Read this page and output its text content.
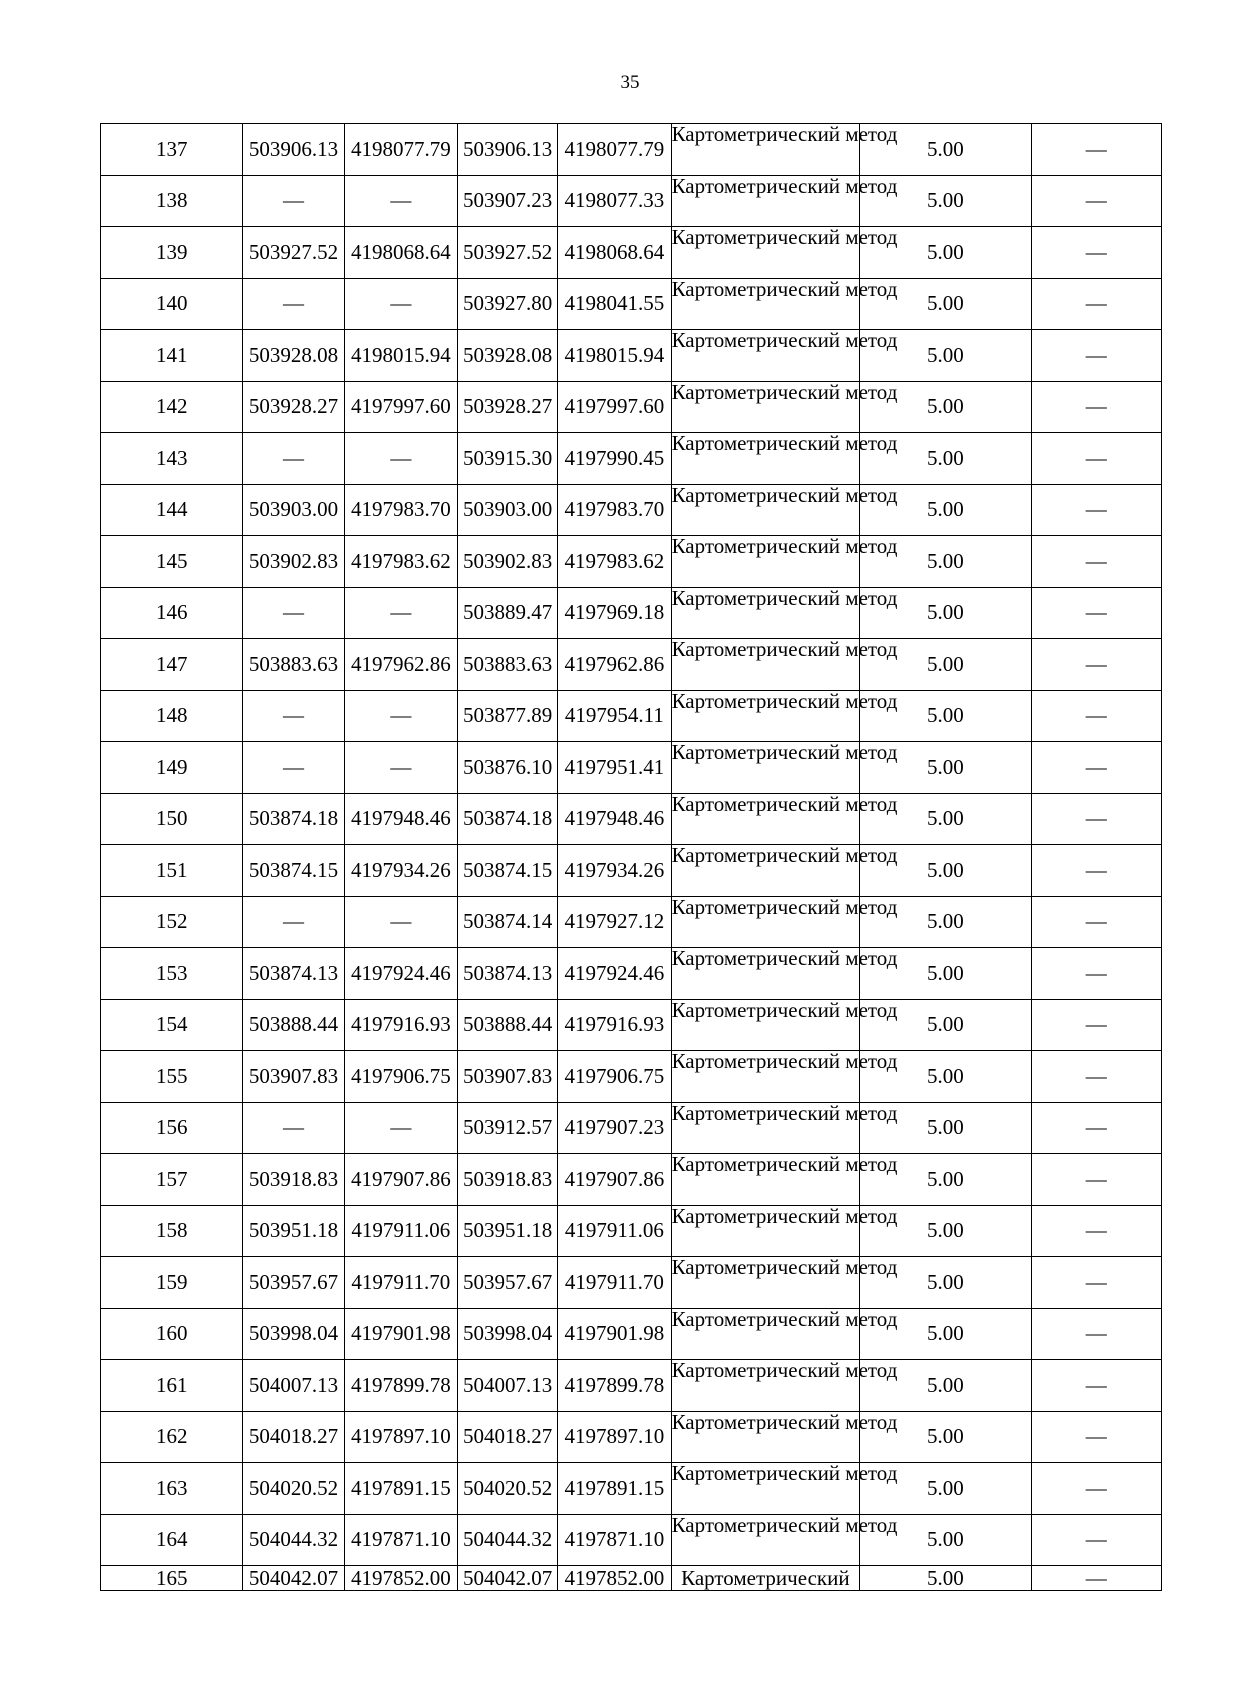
35
137	503906.13	4198077.79	503906.13	4198077.79	Картометрический метод	5.00	—
138	—	—	503907.23	4198077.33	Картометрический метод	5.00	—
139	503927.52	4198068.64	503927.52	4198068.64	Картометрический метод	5.00	—
140	—	—	503927.80	4198041.55	Картометрический метод	5.00	—
141	503928.08	4198015.94	503928.08	4198015.94	Картометрический метод	5.00	—
142	503928.27	4197997.60	503928.27	4197997.60	Картометрический метод	5.00	—
143	—	—	503915.30	4197990.45	Картометрический метод	5.00	—
144	503903.00	4197983.70	503903.00	4197983.70	Картометрический метод	5.00	—
145	503902.83	4197983.62	503902.83	4197983.62	Картометрический метод	5.00	—
146	—	—	503889.47	4197969.18	Картометрический метод	5.00	—
147	503883.63	4197962.86	503883.63	4197962.86	Картометрический метод	5.00	—
148	—	—	503877.89	4197954.11	Картометрический метод	5.00	—
149	—	—	503876.10	4197951.41	Картометрический метод	5.00	—
150	503874.18	4197948.46	503874.18	4197948.46	Картометрический метод	5.00	—
151	503874.15	4197934.26	503874.15	4197934.26	Картометрический метод	5.00	—
152	—	—	503874.14	4197927.12	Картометрический метод	5.00	—
153	503874.13	4197924.46	503874.13	4197924.46	Картометрический метод	5.00	—
154	503888.44	4197916.93	503888.44	4197916.93	Картометрический метод	5.00	—
155	503907.83	4197906.75	503907.83	4197906.75	Картометрический метод	5.00	—
156	—	—	503912.57	4197907.23	Картометрический метод	5.00	—
157	503918.83	4197907.86	503918.83	4197907.86	Картометрический метод	5.00	—
158	503951.18	4197911.06	503951.18	4197911.06	Картометрический метод	5.00	—
159	503957.67	4197911.70	503957.67	4197911.70	Картометрический метод	5.00	—
160	503998.04	4197901.98	503998.04	4197901.98	Картометрический метод	5.00	—
161	504007.13	4197899.78	504007.13	4197899.78	Картометрический метод	5.00	—
162	504018.27	4197897.10	504018.27	4197897.10	Картометрический метод	5.00	—
163	504020.52	4197891.15	504020.52	4197891.15	Картометрический метод	5.00	—
164	504044.32	4197871.10	504044.32	4197871.10	Картометрический метод	5.00	—
165	504042.07	4197852.00	504042.07	4197852.00	Картометрический	5.00	—
